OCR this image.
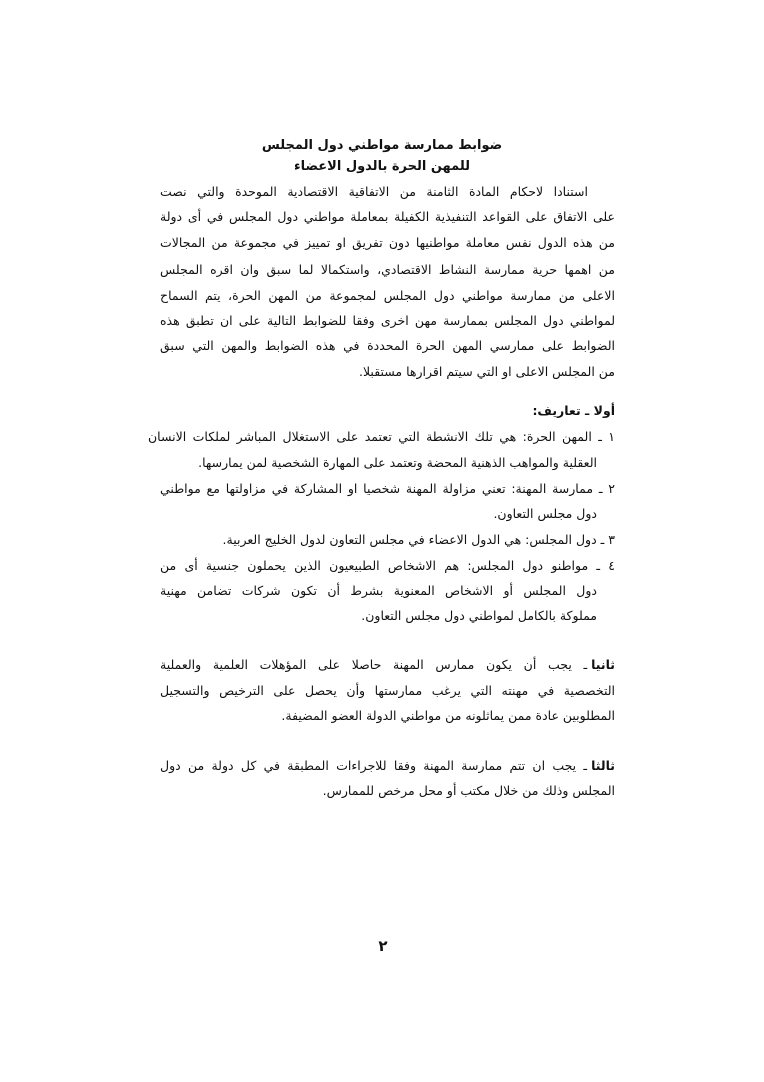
ضوابط ممارسة مواطني دول المجلس
للمهن الحرة بالدول الاعضاء
استنادا لاحكام المادة الثامنة من الاتفاقية الاقتصادية الموحدة والتي نصت
على الاتفاق على القواعد التنفيذية الكفيلة بمعاملة مواطني دول المجلس في أى دولة
من هذه الدول نفس معاملة مواطنيها دون تفريق او تمييز في مجموعة من المجالات
من اهمها حرية ممارسة النشاط الاقتصادي، واستكمالا لما سبق وان اقره المجلس
الاعلى من ممارسة مواطني دول المجلس لمجموعة من المهن الحرة، يتم السماح
لمواطني دول المجلس بممارسة مهن اخرى وفقا للضوابط التالية على ان تطبق هذه
الضوابط على ممارسي المهن الحرة المحددة في هذه الضوابط والمهن التي سبق
من المجلس الاعلى او التي سيتم اقرارها مستقبلا.
أولا ـ تعاريف:
١ ـ المهن الحرة: هي تلك الانشطة التي تعتمد على الاستغلال المباشر لملكات الانسان
العقلية والمواهب الذهنية المحضة وتعتمد على المهارة الشخصية لمن يمارسها.
٢ ـ ممارسة المهنة: تعني مزاولة المهنة شخصيا او المشاركة في مزاولتها مع مواطني
دول مجلس التعاون.
٣ ـ دول المجلس: هي الدول الاعضاء في مجلس التعاون لدول الخليج العربية.
٤ ـ مواطنو دول المجلس: هم الاشخاص الطبيعيون الذين يحملون جنسية أى من
دول المجلس أو الاشخاص المعنوية بشرط أن تكون شركات تضامن مهنية
مملوكة بالكامل لمواطني دول مجلس التعاون.
ثانيا
ـ يجب أن يكون ممارس المهنة حاصلا على المؤهلات العلمية والعملية
التخصصية في مهنته التي يرغب ممارستها وأن يحصل على الترخيص والتسجيل
المطلوبين عادة ممن يماثلونه من مواطني الدولة العضو المضيفة.
ثالثا
ـ يجب ان تتم ممارسة المهنة وفقا للاجراءات المطبقة في كل دولة من دول
المجلس وذلك من خلال مكتب أو محل مرخص للممارس.
٢
